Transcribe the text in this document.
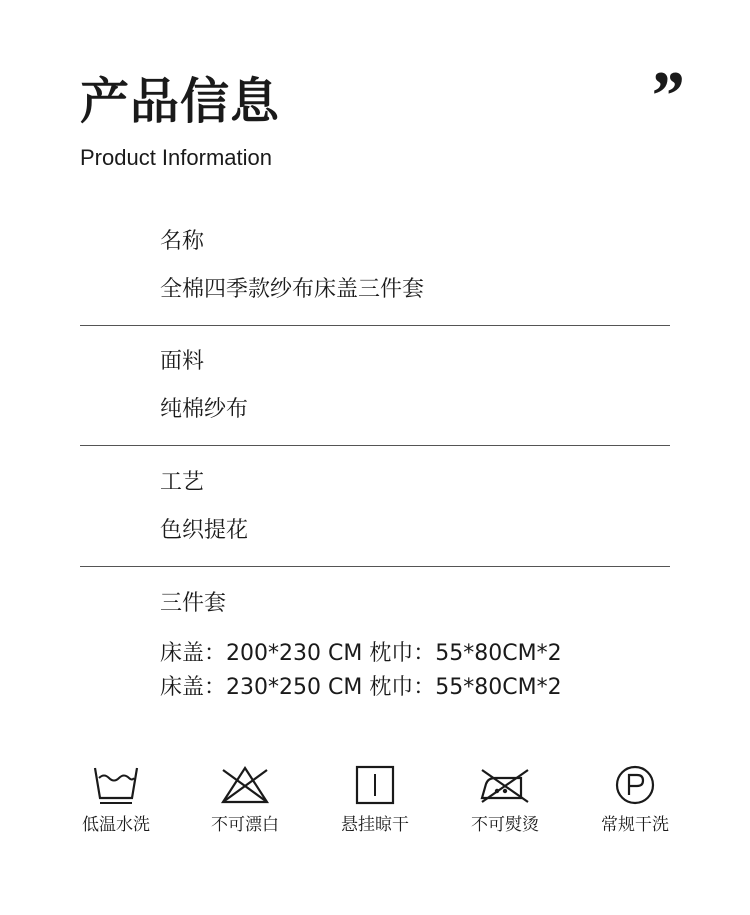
产品信息
Product Information
”
名称
全棉四季款纱布床盖三件套
面料
纯棉纱布
工艺
色织提花
三件套
床盖：200*230 CM 枕巾：55*80CM*2
床盖：230*250 CM 枕巾：55*80CM*2
低温水洗	不可漂白	悬挂晾干	不可熨烫	常规干洗
